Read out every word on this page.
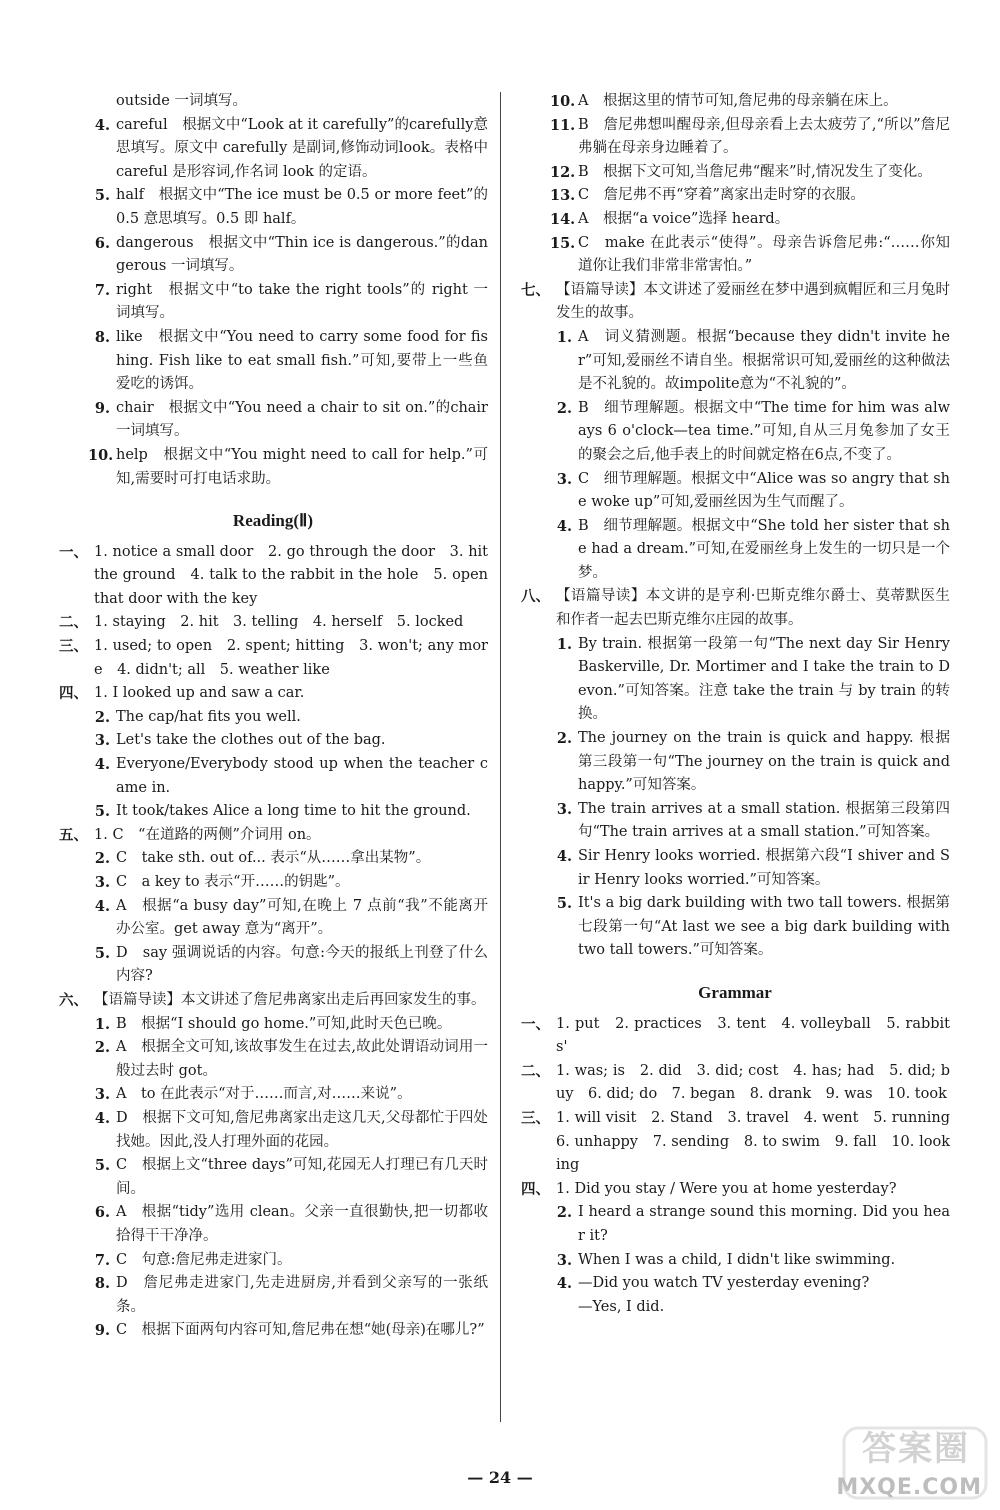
outside 一词填写。
4. careful　根据文中“Look at it carefully”的carefully意思填写。原文中 carefully 是副词,修饰动词look。表格中 careful 是形容词,作名词 look 的定语。
5. half　根据文中“The ice must be 0.5 or more feet”的 0.5 意思填写。0.5 即 half。
6. dangerous　根据文中“Thin ice is dangerous.”的dangerous 一词填写。
7. right　根据文中“to take the right tools”的 right 一词填写。
8. like　根据文中“You need to carry some food for fishing. Fish like to eat small fish.”可知,要带上一些鱼爱吃的诱饵。
9. chair　根据文中“You need a chair to sit on.”的chair 一词填写。
10. help　根据文中“You might need to call for help.”可知,需要时可打电话求助。
Reading(Ⅱ)
一、 1. notice a small door　2. go through the door　3. hit the ground　4. talk to the rabbit in the hole　5. open that door with the key
二、 1. staying　2. hit　3. telling　4. herself　5. locked
三、 1. used; to open　2. spent; hitting　3. won't; any more　4. didn't; all　5. weather like
四、 1. I looked up and saw a car.
2. The cap/hat fits you well.
3. Let's take the clothes out of the bag.
4. Everyone/Everybody stood up when the teacher came in.
5. It took/takes Alice a long time to hit the ground.
五、 1. C　“在道路的两侧”介词用 on。
2. C　take sth. out of... 表示“从……拿出某物”。
3. C　a key to 表示“开……的钥匙”。
4. A　根据“a busy day”可知,在晚上 7 点前“我”不能离开办公室。get away 意为“离开”。
5. D　say 强调说话的内容。句意:今天的报纸上刊登了什么内容?
六、 【语篇导读】本文讲述了詹尼弗离家出走后再回家发生的事。
1. B　根据“I should go home.”可知,此时天色已晚。
2. A　根据全文可知,该故事发生在过去,故此处谓语动词用一般过去时 got。
3. A　to 在此表示“对于……而言,对……来说”。
4. D　根据下文可知,詹尼弗离家出走这几天,父母都忙于四处找她。因此,没人打理外面的花园。
5. C　根据上文“three days”可知,花园无人打理已有几天时间。
6. A　根据“tidy”选用 clean。父亲一直很勤快,把一切都收拾得干干净净。
7. C　句意:詹尼弗走进家门。
8. D　詹尼弗走进家门,先走进厨房,并看到父亲写的一张纸条。
9. C　根据下面两句内容可知,詹尼弗在想“她(母亲)在哪儿?”
10. A　根据这里的情节可知,詹尼弗的母亲躺在床上。
11. B　詹尼弗想叫醒母亲,但母亲看上去太疲劳了,“所以”詹尼弗躺在母亲身边睡着了。
12. B　根据下文可知,当詹尼弗“醒来”时,情况发生了变化。
13. C　詹尼弗不再“穿着”离家出走时穿的衣服。
14. A　根据“a voice”选择 heard。
15. C　make 在此表示“使得”。母亲告诉詹尼弗:“……你知道你让我们非常非常害怕。”
七、 【语篇导读】本文讲述了爱丽丝在梦中遇到疯帽匠和三月兔时发生的故事。
1. A　词义猜测题。根据“because they didn't invite her”可知,爱丽丝不请自坐。根据常识可知,爱丽丝的这种做法是不礼貌的。故impolite意为“不礼貌的”。
2. B　细节理解题。根据文中“The time for him was always 6 o'clock—tea time.”可知,自从三月兔参加了女王的聚会之后,他手表上的时间就定格在6点,不变了。
3. C　细节理解题。根据文中“Alice was so angry that she woke up”可知,爱丽丝因为生气而醒了。
4. B　细节理解题。根据文中“She told her sister that she had a dream.”可知,在爱丽丝身上发生的一切只是一个梦。
八、 【语篇导读】本文讲的是亨利·巴斯克维尔爵士、莫蒂默医生和作者一起去巴斯克维尔庄园的故事。
1. By train. 根据第一段第一句“The next day Sir Henry Baskerville, Dr. Mortimer and I take the train to Devon.”可知答案。注意 take the train 与 by train 的转换。
2. The journey on the train is quick and happy. 根据第三段第一句“The journey on the train is quick and happy.”可知答案。
3. The train arrives at a small station. 根据第三段第四句“The train arrives at a small station.”可知答案。
4. Sir Henry looks worried. 根据第六段“I shiver and Sir Henry looks worried.”可知答案。
5. It's a big dark building with two tall towers. 根据第七段第一句“At last we see a big dark building with two tall towers.”可知答案。
Grammar
一、 1. put　2. practices　3. tent　4. volleyball　5. rabbits'
二、 1. was; is　2. did　3. did; cost　4. has; had　5. did; buy　6. did; do　7. began　8. drank　9. was　10. took
三、 1. will visit　2. Stand　3. travel　4. went　5. running　6. unhappy　7. sending　8. to swim　9. fall　10. looking
四、 1. Did you stay / Were you at home yesterday?
2. I heard a strange sound this morning. Did you hear it?
3. When I was a child, I didn't like swimming.
4. —Did you watch TV yesterday evening?
—Yes, I did.
— 24 —
答案圈
MXQE.COM
